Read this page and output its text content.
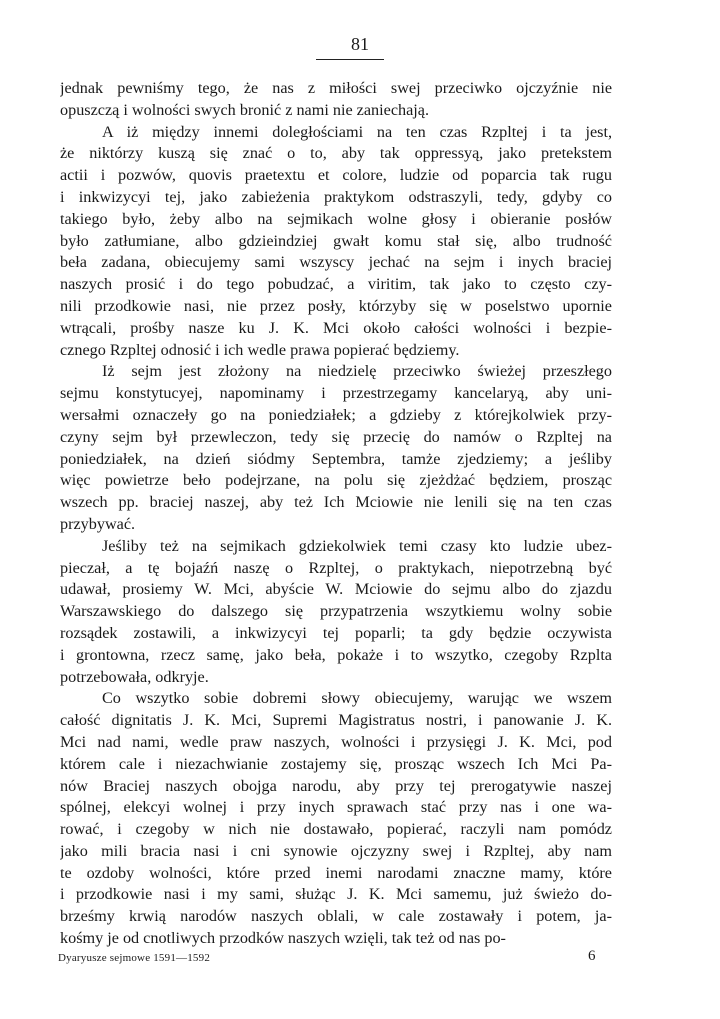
81
jednak pewniśmy tego, że nas z miłości swej przeciwko ojczyźnie nie
opuszczą i wolności swych bronić z nami nie zaniechają.
A iż między innemi doległościami na ten czas Rzpltej i ta jest,
że niktórzy kuszą się znać o to, aby tak oppressyą, jako pretekstem
actii i pozwów, quovis praetextu et colore, ludzie od poparcia tak rugu
i inkwizycyi tej, jako zabieżenia praktykom odstraszyli, tedy, gdyby co
takiego było, żeby albo na sejmikach wolne głosy i obieranie posłów
było zatłumiane, albo gdzieindziej gwałt komu stał się, albo trudność
beła zadana, obiecujemy sami wszyscy jechać na sejm i inych braciej
naszych prosić i do tego pobudzać, a viritim, tak jako to często czy-
nili przodkowie nasi, nie przez posły, którzyby się w poselstwo upornie
wtrącali, prośby nasze ku J. K. Mci około całości wolności i bezpie-
cznego Rzpltej odnosić i ich wedle prawa popierać będziemy.
Iż sejm jest złożony na niedzielę przeciwko świeżej przeszłego
sejmu konstytucyej, napominamy i przestrzegamy kancelaryą, aby uni-
wersałmi oznaczeły go na poniedziałek; a gdzieby z którejkolwiek przy-
czyny sejm był przewleczon, tedy się przecię do namów o Rzpltej na
poniedziałek, na dzień siódmy Septembra, tamże zjedziemy; a jeśliby
więc powietrze beło podejrzane, na polu się zjeżdżać będziem, prosząc
wszech pp. braciej naszej, aby też Ich Mciowie nie lenili się na ten czas
przybywać.
Jeśliby też na sejmikach gdziekolwiek temi czasy kto ludzie ubez-
pieczał, a tę bojaźń naszę o Rzpltej, o praktykach, niepotrzebną być
udawał, prosiemy W. Mci, abyście W. Mciowie do sejmu albo do zjazdu
Warszawskiego do dalszego się przypatrzenia wszytkiemu wolny sobie
rozsądek zostawili, a inkwizycyi tej poparli; ta gdy będzie oczywista
i grontowna, rzecz samę, jako beła, pokaże i to wszytko, czegoby Rzplta
potrzebowała, odkryje.
Co wszytko sobie dobremi słowy obiecujemy, warując we wszem
całość dignitatis J. K. Mci, Supremi Magistratus nostri, i panowanie J. K.
Mci nad nami, wedle praw naszych, wolności i przysięgi J. K. Mci, pod
którem cale i niezachwianie zostajemy się, prosząc wszech Ich Mci Pa-
nów Braciej naszych obojga narodu, aby przy tej prerogatywie naszej
spólnej, elekcyi wolnej i przy inych sprawach stać przy nas i one wa-
rować, i czegoby w nich nie dostawało, popierać, raczyli nam pomódz
jako mili bracia nasi i cni synowie ojczyzny swej i Rzpltej, aby nam
te ozdoby wolności, które przed inemi narodami znaczne mamy, które
i przodkowie nasi i my sami, służąc J. K. Mci samemu, już świeżo do-
brześmy krwią narodów naszych oblali, w cale zostawały i potem, ja-
kośmy je od cnotliwych przodków naszych wzięli, tak też od nas po-
Dyaryusze sejmowe 1591—1592	6
